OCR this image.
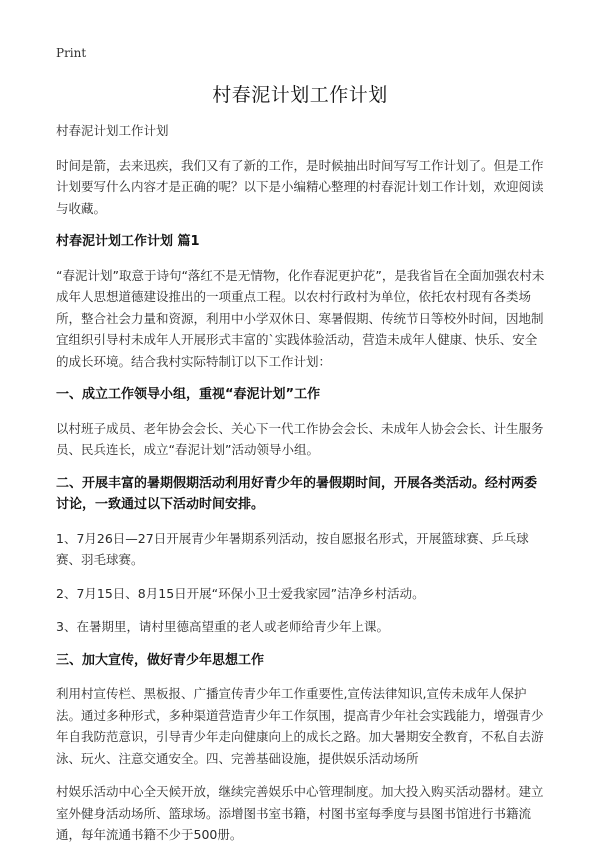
Print
村春泥计划工作计划

村春泥计划工作计划

时间是箭，去来迅疾，我们又有了新的工作，是时候抽出时间写写工作计划了。但是工作计划要写什么内容才是正确的呢？以下是小编精心整理的村春泥计划工作计划，欢迎阅读与收藏。

村春泥计划工作计划 篇1

“春泥计划”取意于诗句“落红不是无情物，化作春泥更护花”，是我省旨在全面加强农村未成年人思想道德建设推出的一项重点工程。以农村行政村为单位，依托农村现有各类场所，整合社会力量和资源，利用中小学双休日、寒暑假期、传统节日等校外时间，因地制宜组织引导村未成年人开展形式丰富的`实践体验活动，营造未成年人健康、快乐、安全的成长环境。结合我村实际特制订以下工作计划：

一、成立工作领导小组，重视“春泥计划”工作

以村班子成员、老年协会会长、关心下一代工作协会会长、未成年人协会会长、计生服务员、民兵连长，成立“春泥计划”活动领导小组。

二、开展丰富的暑期假期活动利用好青少年的暑假期时间，开展各类活动。经村两委讨论，一致通过以下活动时间安排。

1、7月26日—27日开展青少年暑期系列活动，按自愿报名形式，开展篮球赛、乒乓球赛、羽毛球赛。

2、7月15日、8月15日开展“环保小卫士爱我家园”洁净乡村活动。

3、在暑期里，请村里德高望重的老人或老师给青少年上课。

三、加大宣传，做好青少年思想工作

利用村宣传栏、黑板报、广播宣传青少年工作重要性,宣传法律知识,宣传未成年人保护法。通过多种形式，多种渠道营造青少年工作氛围，提高青少年社会实践能力，增强青少年自我防范意识，引导青少年走向健康向上的成长之路。加大暑期安全教育，不私自去游泳、玩火、注意交通安全。四、完善基础设施，提供娱乐活动场所

村娱乐活动中心全天候开放，继续完善娱乐中心管理制度。加大投入购买活动器材。建立室外健身活动场所、篮球场。添增图书室书籍，村图书室每季度与县图书馆进行书籍流通，每年流通书籍不少于500册。
